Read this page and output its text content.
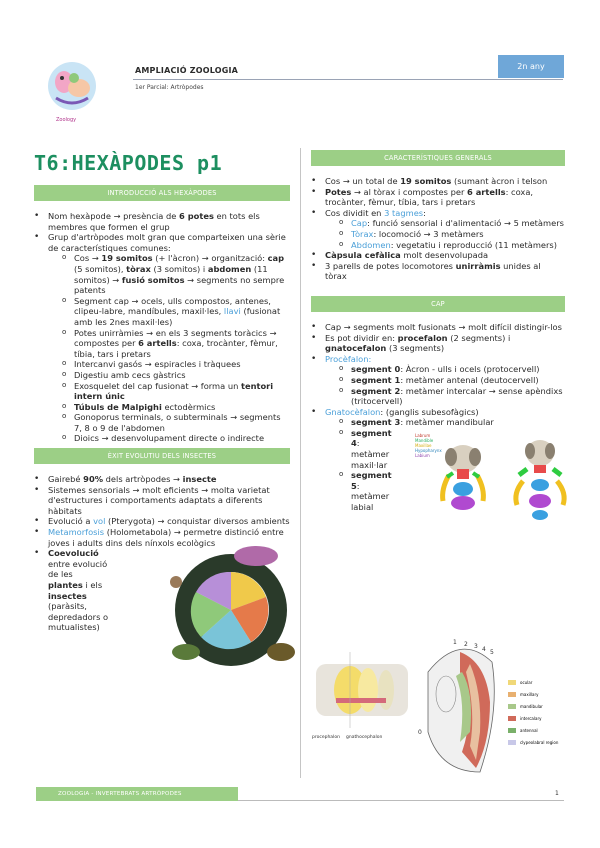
Zoology
AMPLIACIÓ ZOOLOGIA
1er Parcial: Artròpodes
2n any
T6:HEXÀPODES p1
INTRODUCCIÓ ALS HEXÀPODES
• Nom hexàpode → presència de 6 potes en tots els membres que formen el grup
• Grup d'artròpodes molt gran que comparteixen una sèrie de característiques comunes:
o Cos → 19 somitos (+ l'àcron) → organització: cap (5 somitos), tòrax (3 somitos) i abdomen (11 somitos) → fusió somitos → segments no sempre patents
o Segment cap → ocels, ulls compostos, antenes, clipeu-labre, mandíbules, maxil·les, llavi (fusionat amb les 2nes maxil·les)
o Potes unirràmies → en els 3 segments toràcics → compostes per 6 artells: coxa, trocànter, fèmur, tíbia, tars i pretars
o Intercanvi gasós → espiracles i tràquees
o Digestiu amb cecs gàstrics
o Exosquelet del cap fusionat → forma un tentori intern únic
o Túbuls de Malpighi ectodèrmics
o Gonoporus terminals, o subterminals → segments 7, 8 o 9 de l'abdomen
o Dioics → desenvolupament directe o indirecte
ÈXIT EVOLUTIU DELS INSECTES
• Gairebé 90% dels artròpodes → insecte
• Sistemes sensorials → molt eficients → molta varietat d'estructures i comportaments adaptats a diferents hàbitats
• Evolució a vol (Pterygota) → conquistar diversos ambients
• Metamorfosis (Holometabola) → permetre distinció entre joves i adults dins dels nínxols ecològics
• Coevolució entre evolució de les plantes i els insectes (paràsits, depredadors o mutualistes)
CARACTERÍSTIQUES GENERALS
• Cos → un total de 19 somitos (sumant àcron i telson
• Potes → al tòrax i compostes per 6 artells: coxa, trocànter, fèmur, tíbia, tars i pretars
• Cos dividit en 3 tagmes:
o Cap: funció sensorial i d'alimentació → 5 metàmers
o Tòrax: locomoció → 3 metàmers
o Abdomen: vegetatiu i reproducció (11 metàmers)
• Càpsula cefàlica molt desenvolupada
• 3 parells de potes locomotores unirràmis unides al tòrax
CAP
• Cap → segments molt fusionats → molt difícil distingir-los
• Es pot dividir en: procefalon (2 segments) i gnatocefalon (3 segments)
• Procèfalon:
o segment 0: Àcron - ulls i ocels (protocervell)
o segment 1: metàmer antenal (deutocervell)
o segment 2: metàmer intercalar → sense apèndixs (tritocervell)
• Gnatocèfalon: (ganglis subesofàgics)
o segment 3: metàmer mandibular
o segment 4: metàmer maxil·lar
o segment 5: metàmer labial
Labrum
Mandible
Maxillae
Hypopharynx
Labium
procephalon gnathocephalon
1 2 3 4 5
0
ocular
maxillary
mandibular
intercalary
antennal
clypeolabral region
ZOOLOGIA - INVERTEBRATS ARTRÒPODES	1
